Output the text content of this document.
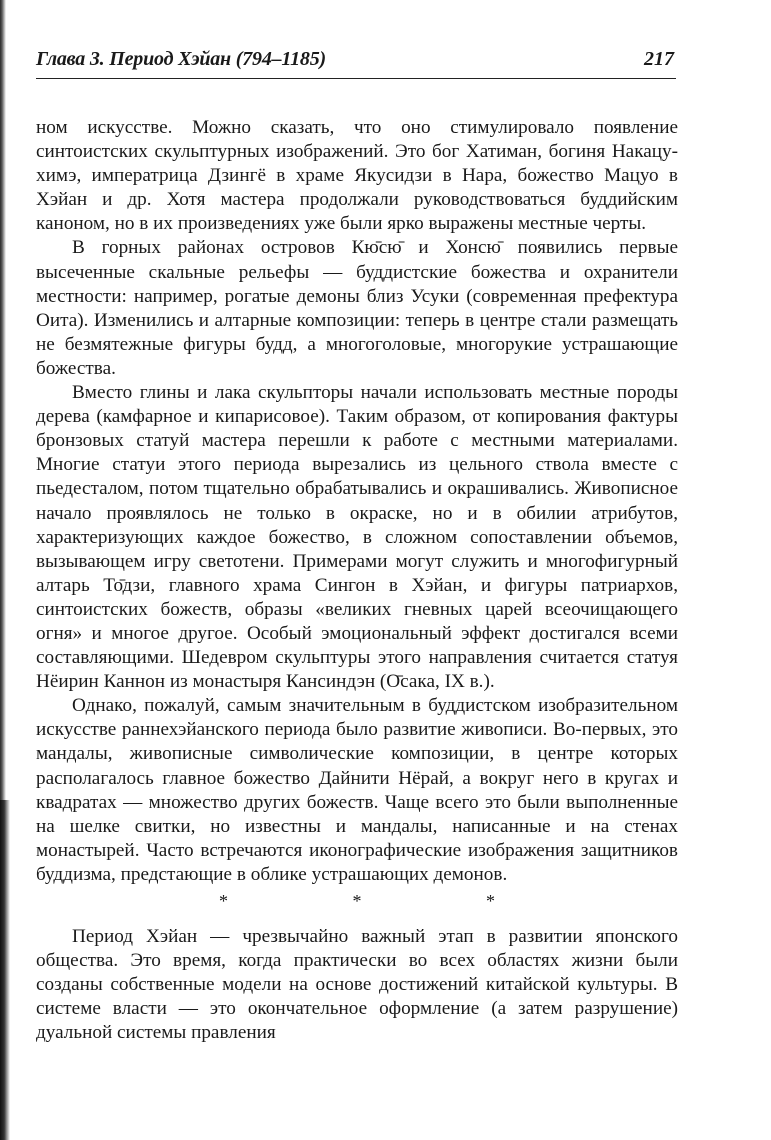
Глава 3. Период Хэйан (794–1185)	217

ном искусстве. Можно сказать, что оно стимулировало появление синтоистских скульптурных изображений. Это бог Хатиман, богиня Накацу-химэ, императрица Дзингё в храме Якусидзи в Нара, божество Мацуо в Хэйан и др. Хотя мастера продолжали руководствоваться буддийским каноном, но в их произведениях уже были ярко выражены местные черты.

В горных районах островов Кю̄сю̄ и Хонсю̄ появились первые высеченные скальные рельефы — буддистские божества и охранители местности: например, рогатые демоны близ Усуки (современная префектура Оита). Изменились и алтарные композиции: теперь в центре стали размещать не безмятежные фигуры будд, а многоголовые, многорукие устрашающие божества.

Вместо глины и лака скульпторы начали использовать местные породы дерева (камфарное и кипарисовое). Таким образом, от копирования фактуры бронзовых статуй мастера перешли к работе с местными материалами. Многие статуи этого периода вырезались из цельного ствола вместе с пьедесталом, потом тщательно обрабатывались и окрашивались. Живописное начало проявлялось не только в окраске, но и в обилии атрибутов, характеризующих каждое божество, в сложном сопоставлении объемов, вызывающем игру светотени. Примерами могут служить и многофигурный алтарь То̄дзи, главного храма Сингон в Хэйан, и фигуры патриархов, синтоистских божеств, образы «великих гневных царей всеочищающего огня» и многое другое. Особый эмоциональный эффект достигался всеми составляющими. Шедевром скульптуры этого направления считается статуя Нёирин Каннон из монастыря Кансиндэн (О̄сака, IX в.).

Однако, пожалуй, самым значительным в буддистском изобразительном искусстве раннехэйанского периода было развитие живописи. Во-первых, это мандалы, живописные символические композиции, в центре которых располагалось главное божество Дайнити Нёрай, а вокруг него в кругах и квадратах — множество других божеств. Чаще всего это были выполненные на шелке свитки, но известны и мандалы, написанные и на стенах монастырей. Часто встречаются иконографические изображения защитников буддизма, предстающие в облике устрашающих демонов.

* * *

Период Хэйан — чрезвычайно важный этап в развитии японского общества. Это время, когда практически во всех областях жизни были созданы собственные модели на основе достижений китайской культуры. В системе власти — это окончательное оформление (а затем разрушение) дуальной системы правления
